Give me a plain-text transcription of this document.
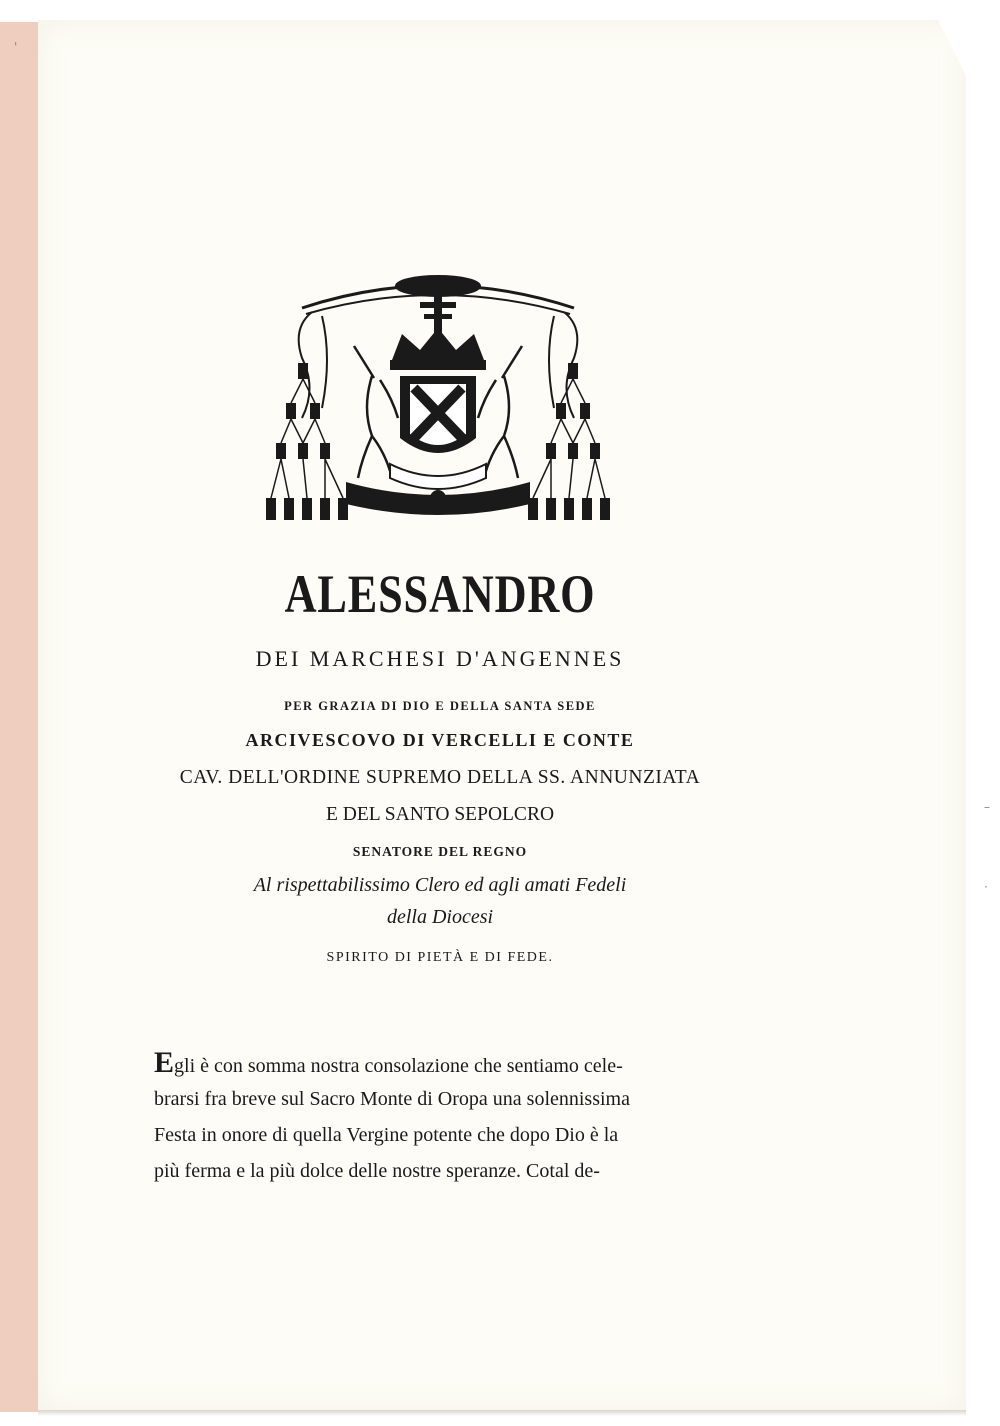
ALESSANDRO
DEI MARCHESI D'ANGENNES
PER GRAZIA DI DIO E DELLA SANTA SEDE
ARCIVESCOVO DI VERCELLI E CONTE
CAV. DELL'ORDINE SUPREMO DELLA SS. ANNUNZIATA
E DEL SANTO SEPOLCRO
SENATORE DEL REGNO
Al rispettabilissimo Clero ed agli amati Fedeli
della Diocesi
SPIRITO DI PIETÀ E DI FEDE.
Egli è con somma nostra consolazione che sentiamo cele-
brarsi fra breve sul Sacro Monte di Oropa una solennissima
Festa in onore di quella Vergine potente che dopo Dio è la
più ferma e la più dolce delle nostre speranze. Cotal de-
'
–
·
